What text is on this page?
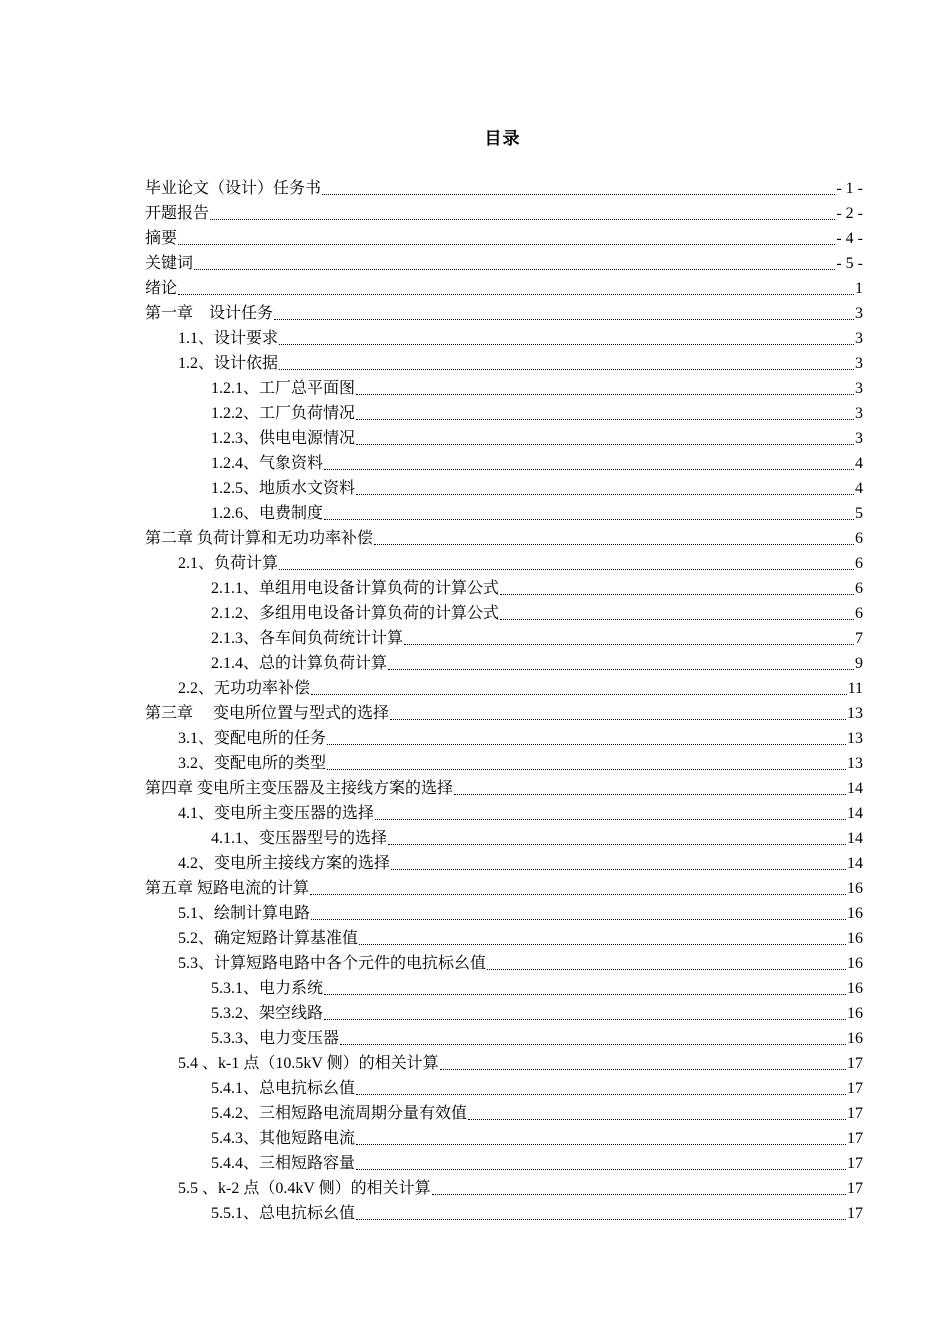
目录
毕业论文（设计）任务书	- 1 -
开题报告	- 2 -
摘要	- 4 -
关键词	- 5 -
绪论	1
第一章　设计任务	3
1.1、设计要求	3
1.2、设计依据	3
1.2.1、工厂总平面图	3
1.2.2、工厂负荷情况	3
1.2.3、供电电源情况	3
1.2.4、气象资料	4
1.2.5、地质水文资料	4
1.2.6、电费制度	5
第二章 负荷计算和无功功率补偿	6
2.1、负荷计算	6
2.1.1、单组用电设备计算负荷的计算公式	6
2.1.2、多组用电设备计算负荷的计算公式	6
2.1.3、各车间负荷统计计算	7
2.1.4、总的计算负荷计算	9
2.2、无功功率补偿	11
第三章　 变电所位置与型式的选择	13
3.1、变配电所的任务	13
3.2、变配电所的类型	13
第四章 变电所主变压器及主接线方案的选择	14
4.1、变电所主变压器的选择	14
4.1.1、变压器型号的选择	14
4.2、变电所主接线方案的选择	14
第五章 短路电流的计算	16
5.1、绘制计算电路	16
5.2、确定短路计算基准值	16
5.3、计算短路电路中各个元件的电抗标幺值	16
5.3.1、电力系统	16
5.3.2、架空线路	16
5.3.3、电力变压器	16
5.4 、k-1 点（10.5kV 侧）的相关计算	17
5.4.1、总电抗标幺值	17
5.4.2、三相短路电流周期分量有效值	17
5.4.3、其他短路电流	17
5.4.4、三相短路容量	17
5.5 、k-2 点（0.4kV 侧）的相关计算	17
5.5.1、总电抗标幺值	17
